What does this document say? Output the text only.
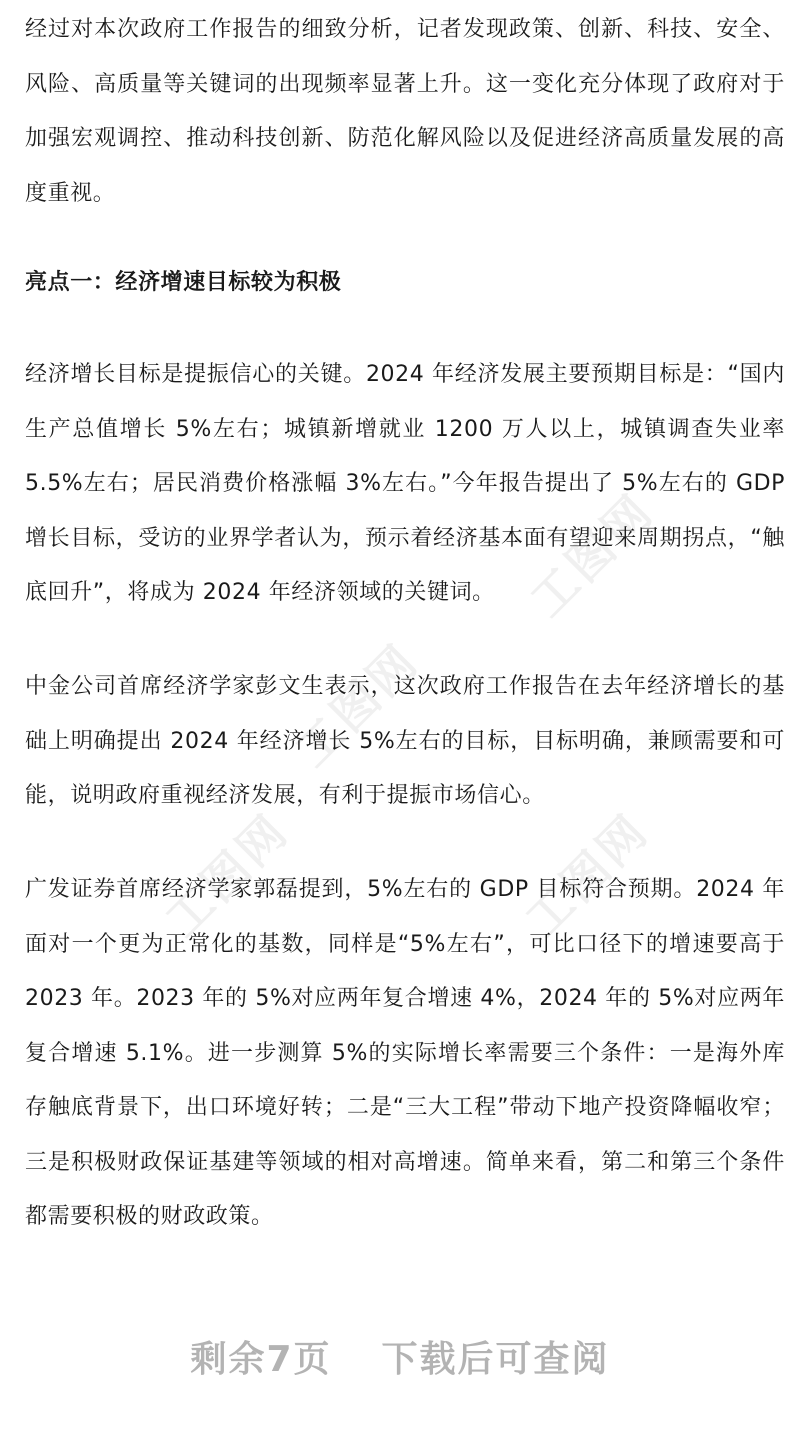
工图网
工图网
工图网	工图网

经过对本次政府工作报告的细致分析，记者发现政策、创新、科技、安全、风险、高质量等关键词的出现频率显著上升。这一变化充分体现了政府对于加强宏观调控、推动科技创新、防范化解风险以及促进经济高质量发展的高度重视。

亮点一：经济增速目标较为积极

经济增长目标是提振信心的关键。2024 年经济发展主要预期目标是：“国内生产总值增长 5%左右；城镇新增就业 1200 万人以上，城镇调查失业率 5.5%左右；居民消费价格涨幅 3%左右。”今年报告提出了 5%左右的 GDP 增长目标，受访的业界学者认为，预示着经济基本面有望迎来周期拐点，“触底回升”，将成为 2024 年经济领域的关键词。

中金公司首席经济学家彭文生表示，这次政府工作报告在去年经济增长的基础上明确提出 2024 年经济增长 5%左右的目标，目标明确，兼顾需要和可能，说明政府重视经济发展，有利于提振市场信心。

广发证券首席经济学家郭磊提到，5%左右的 GDP 目标符合预期。2024 年面对一个更为正常化的基数，同样是“5%左右”，可比口径下的增速要高于 2023 年。2023 年的 5%对应两年复合增速 4%，2024 年的 5%对应两年复合增速 5.1%。进一步测算 5%的实际增长率需要三个条件：一是海外库存触底背景下，出口环境好转；二是“三大工程”带动下地产投资降幅收窄；三是积极财政保证基建等领域的相对高增速。简单来看，第二和第三个条件都需要积极的财政政策。

剩余7页 下载后可查阅
